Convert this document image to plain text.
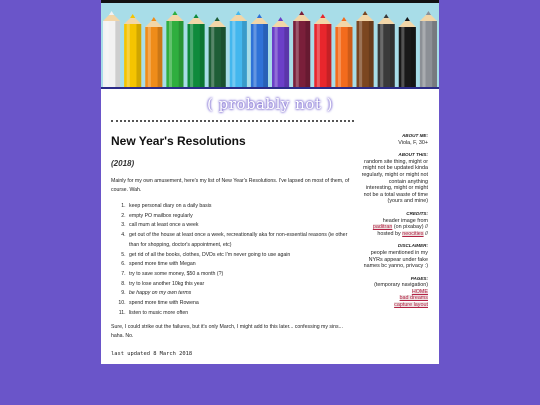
( probably not )
New Year's Resolutions
(2018)

Mainly for my own amusement, here's my list of New Year's Resolutions. I've lapsed on most of them, of course. Wah.

1. keep personal diary on a daily basis
2. empty PO mailbox regularly
3. call mum at least once a week
4. get out of the house at least once a week, recreationally aka for non-essential reasons (ie other than for shopping, doctor's appointment, etc)
5. get rid of all the books, clothes, DVDs etc I'm never going to use again
6. spend more time with Megan
7. try to save some money, $50 a month (?)
8. try to lose another 10kg this year
9. be happy on my own terms
10. spend more time with Rowena
11. listen to music more often

Sure, I could strike out the failures, but it's only March, I might add to this later... confessing my sins... haha. No.

last updated 8 March 2018
ABOUT ME:
Viola, F, 30+
ABOUT THIS:
random site thing, might or might not be updated kinda regularly, might or might not contain anything interesting, might or might not be a total waste of time (yours and mine)
CREDITS:
header image from
paditran (on pixabay) //
hosted by neocities //
DISCLAIMER:
people mentioned in my NYRs appear under fake names bc yanno, privacy :)
PAGES:
(temporary navigation)
HOME
bad dreams
capture layout
